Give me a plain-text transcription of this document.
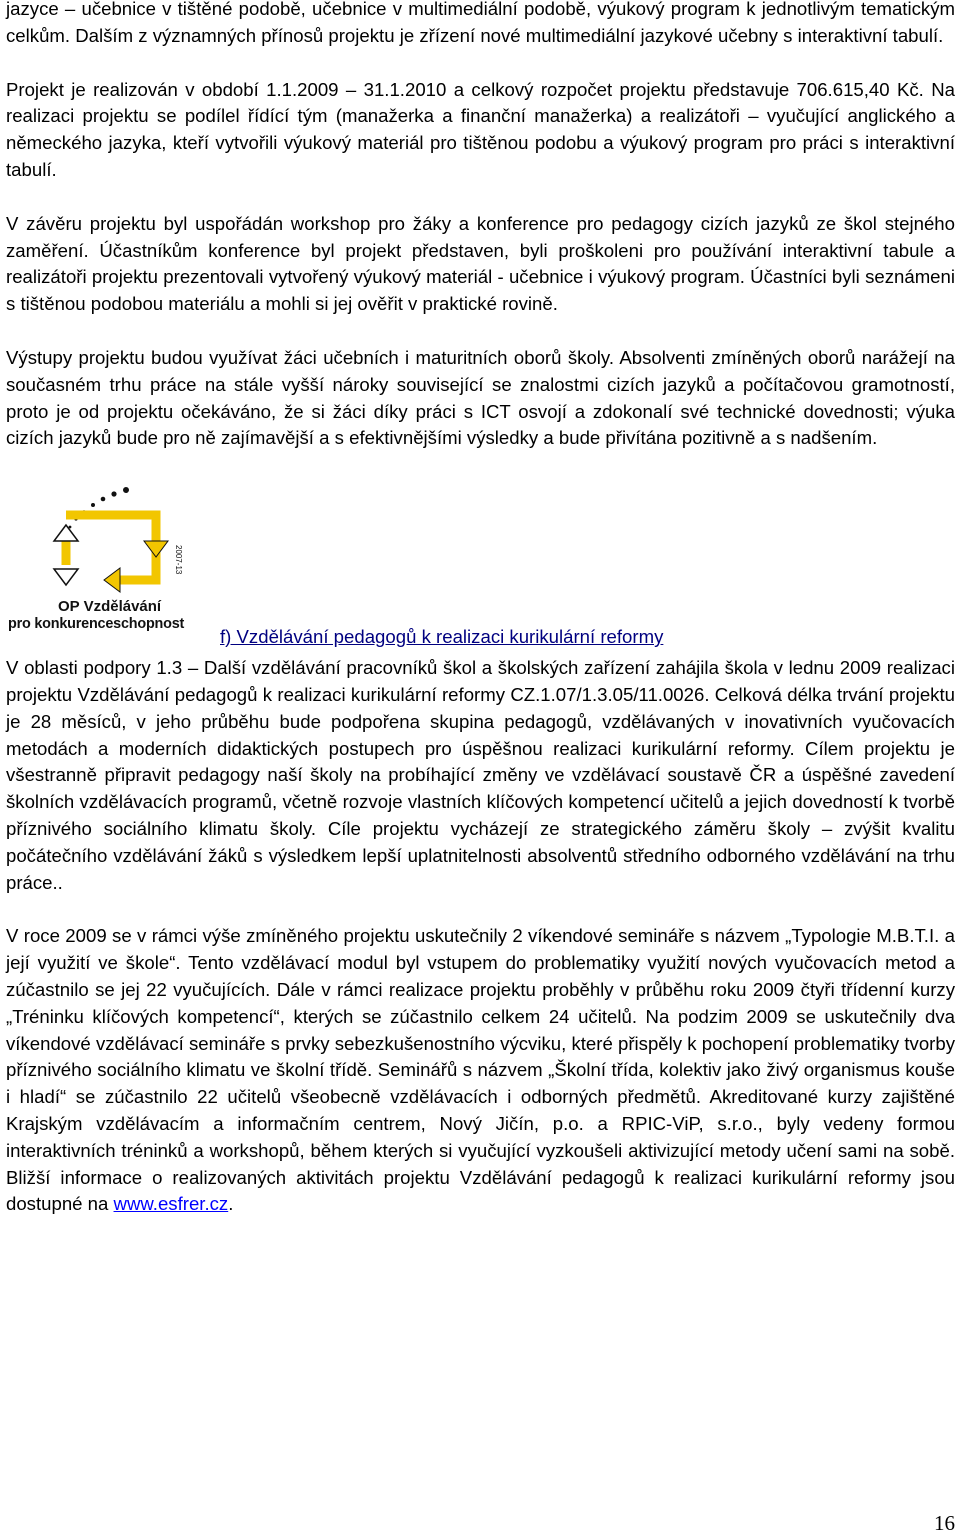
jazyce – učebnice v tištěné podobě, učebnice v multimediální podobě, výukový program k jednotlivým tematickým celkům. Dalším z významných přínosů projektu je zřízení nové multimediální jazykové učebny s interaktivní tabulí.

Projekt je realizován v období 1.1.2009 – 31.1.2010 a celkový rozpočet projektu představuje 706.615,40 Kč. Na realizaci projektu se podílel řídící tým (manažerka a finanční manažerka) a realizátoři – vyučující anglického a německého jazyka, kteří vytvořili výukový materiál pro tištěnou podobu a výukový program pro práci s interaktivní tabulí.

V závěru projektu byl uspořádán workshop pro žáky a konference pro pedagogy cizích jazyků ze škol stejného zaměření. Účastníkům konference byl projekt představen, byli proškoleni pro používání interaktivní tabule a realizátoři projektu prezentovali vytvořený výukový materiál - učebnice i výukový program. Účastníci byli seznámeni s tištěnou podobou materiálu a mohli si jej ověřit v praktické rovině.

Výstupy projektu budou využívat žáci učebních i maturitních oborů školy. Absolventi zmíněných oborů narážejí na současném trhu práce na stále vyšší nároky související se znalostmi cizích jazyků a počítačovou gramotností, proto je od projektu očekáváno, že si žáci díky práci s ICT osvojí a zdokonalí své technické dovednosti; výuka cizích jazyků bude pro ně zajímavější a s efektivnějšími výsledky a bude přivítána pozitivně a s nadšením.

2007-13
OP Vzdělávání
pro konkurenceschopnost
f) Vzdělávání pedagogů k realizaci kurikulární reformy

V oblasti podpory 1.3 – Další vzdělávání pracovníků škol a školských zařízení zahájila škola v lednu 2009 realizaci projektu Vzdělávání pedagogů k realizaci kurikulární reformy CZ.1.07/1.3.05/11.0026. Celková délka trvání projektu je 28 měsíců, v jeho průběhu bude podpořena skupina pedagogů, vzdělávaných v inovativních vyučovacích metodách a moderních didaktických postupech pro úspěšnou realizaci kurikulární reformy. Cílem projektu je všestranně připravit pedagogy naší školy na probíhající změny ve vzdělávací soustavě ČR a úspěšné zavedení školních vzdělávacích programů, včetně rozvoje vlastních klíčových kompetencí učitelů a jejich dovedností k tvorbě příznivého sociálního klimatu školy. Cíle projektu vycházejí ze strategického záměru školy – zvýšit kvalitu počátečního vzdělávání žáků s výsledkem lepší uplatnitelnosti absolventů středního odborného vzdělávání na trhu práce..

V roce 2009 se v rámci výše zmíněného projektu uskutečnily 2 víkendové semináře s názvem „Typologie M.B.T.I. a její využití ve škole“. Tento vzdělávací modul byl vstupem do problematiky využití nových vyučovacích metod a zúčastnilo se jej 22 vyučujících. Dále v rámci realizace projektu proběhly v průběhu roku 2009 čtyři třídenní kurzy „Tréninku klíčových kompetencí“, kterých se zúčastnilo celkem 24 učitelů. Na podzim 2009 se uskutečnily dva víkendové vzdělávací semináře s prvky sebezkušenostního výcviku, které přispěly k pochopení problematiky tvorby příznivého sociálního klimatu ve školní třídě. Seminářů s názvem „Školní třída, kolektiv jako živý organismus kouše i hladí“ se zúčastnilo 22 učitelů všeobecně vzdělávacích i odborných předmětů. Akreditované kurzy zajištěné Krajským vzdělávacím a informačním centrem, Nový Jičín, p.o. a RPIC-ViP, s.r.o., byly vedeny formou interaktivních tréninků a workshopů, během kterých si vyučující vyzkoušeli aktivizující metody učení sami na sobě. Bližší informace o realizovaných aktivitách projektu Vzdělávání pedagogů k realizaci kurikulární reformy jsou dostupné na www.esfrer.cz.

16
